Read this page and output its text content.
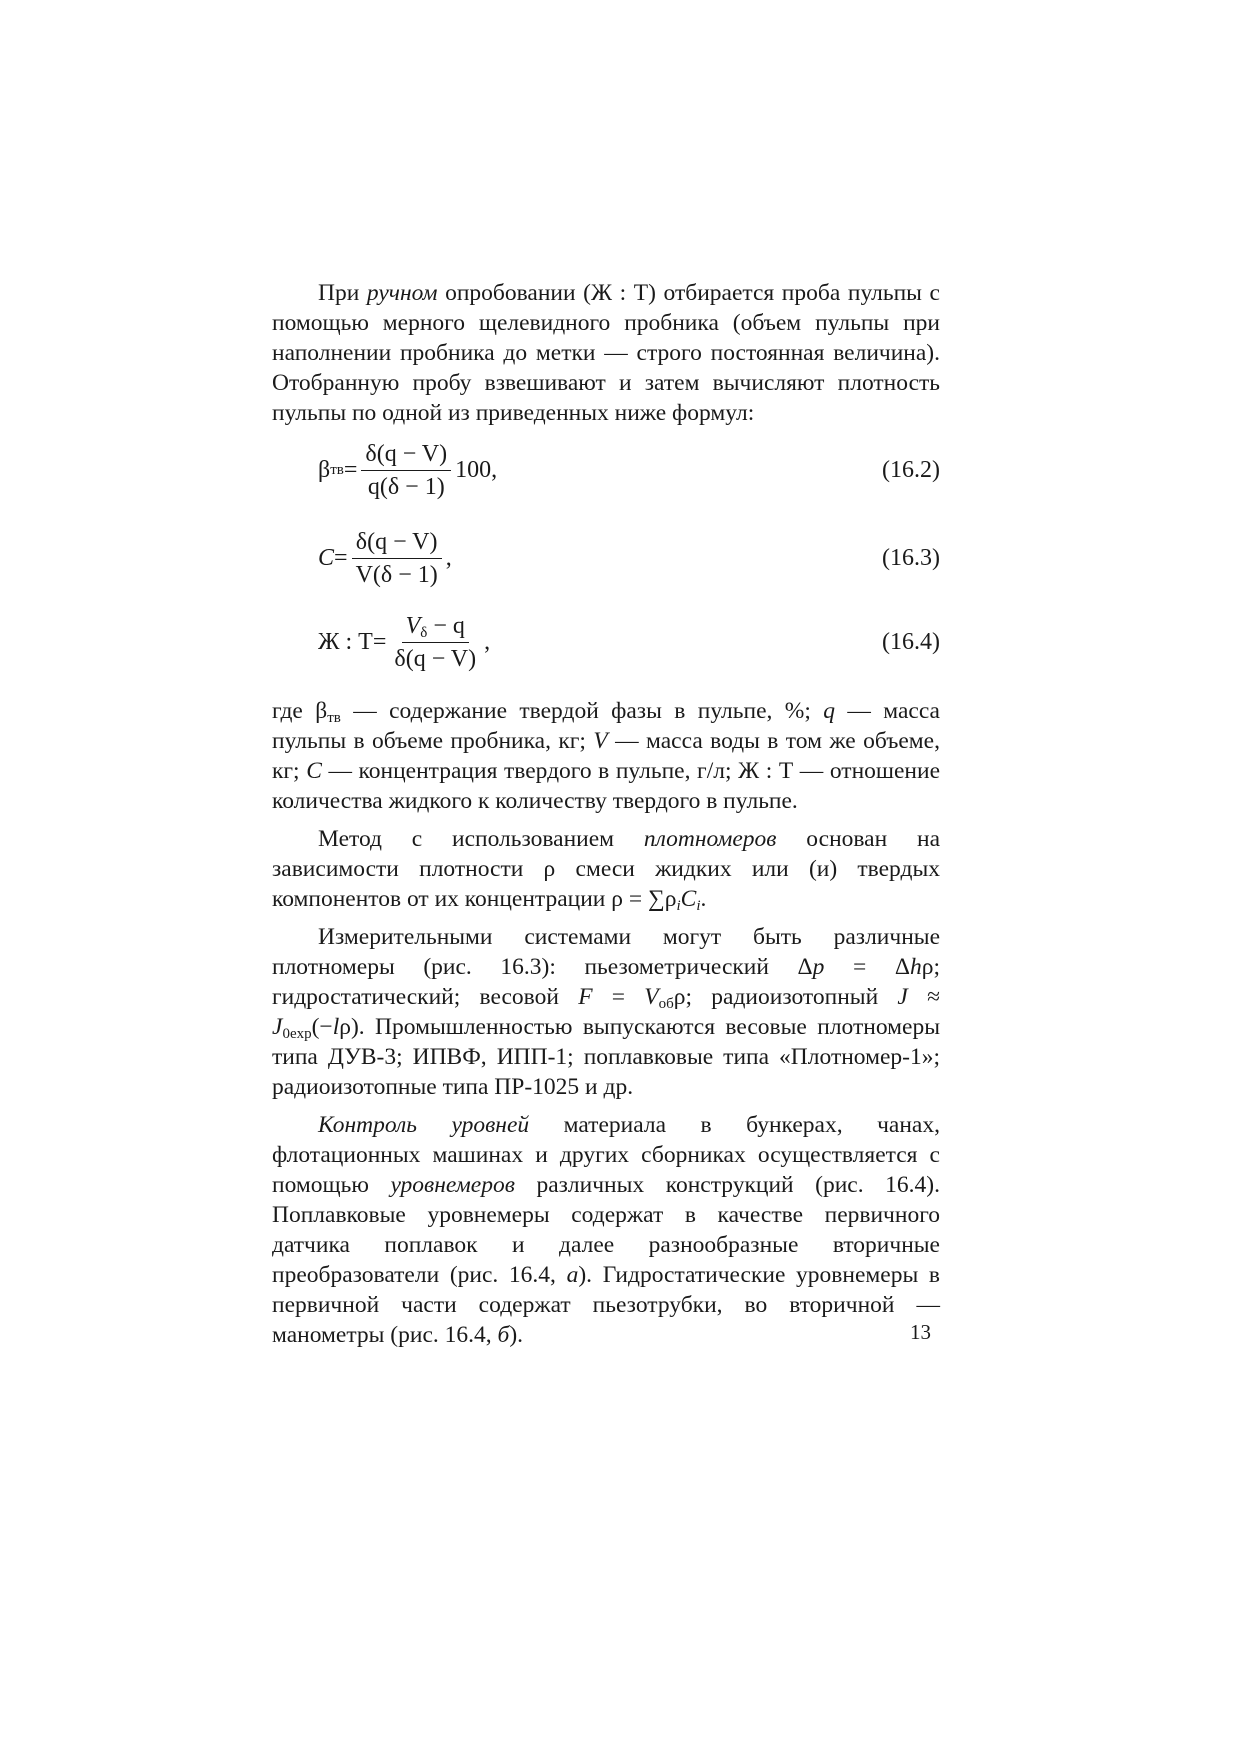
При ручном опробовании (Ж : Т) отбирается проба пульпы с помощью мерного щелевидного пробника (объем пульпы при наполнении пробника до метки — строго постоянная величина). Отобранную пробу взвешивают и затем вычисляют плотность пульпы по одной из приведенных ниже формул:

β тв = $\frac{\delta(q - V)}{q(\delta - 1)} 100$,	(16.2)
$C = \frac{\delta(q - V)}{V(\delta - 1)}$ ,	(16.3)
Ж : $Т = \frac{V_\delta - q}{\delta(q - V)}$ ,	(16.4)

где $\beta_{тв}$ — содержание твердой фазы в пульпе, %; q — масса пульпы в объеме пробника, кг; V — масса воды в том же объеме, кг; C — концентрация твердого в пульпе, г/л; Ж : Т — отношение количества жидкого к количеству твердого в пульпе.

Метод с использованием плотномеров основан на зависимости плотности ρ смеси жидких или (и) твердых компонентов от их концентрации $\rho = \sum\rho_iC_i$.

Измерительными системами могут быть различные плотномеры (рис. 16.3): пьезометрический Δp = Δhρ; гидростатический; весовой $F = V_{об}\rho$; радиоизотопный $J \approx J_{0exp}(-l\rho)$. Промышленностью выпускаются весовые плотномеры типа ДУВ-3; ИПВФ, ИПП-1; поплавковые типа «Плотномер-1»; радиоизотопные типа ПР-1025 и др.

Контроль уровней материала в бункерах, чанах, флотационных машинах и других сборниках осуществляется с помощью уровнемеров различных конструкций (рис. 16.4). Поплавковые уровнемеры содержат в качестве первичного датчика поплавок и далее разнообразные вторичные преобразователи (рис. 16.4, а). Гидростатические уровнемеры в первичной части содержат пьезотрубки, во вторичной — манометры (рис. 16.4, б).	13
